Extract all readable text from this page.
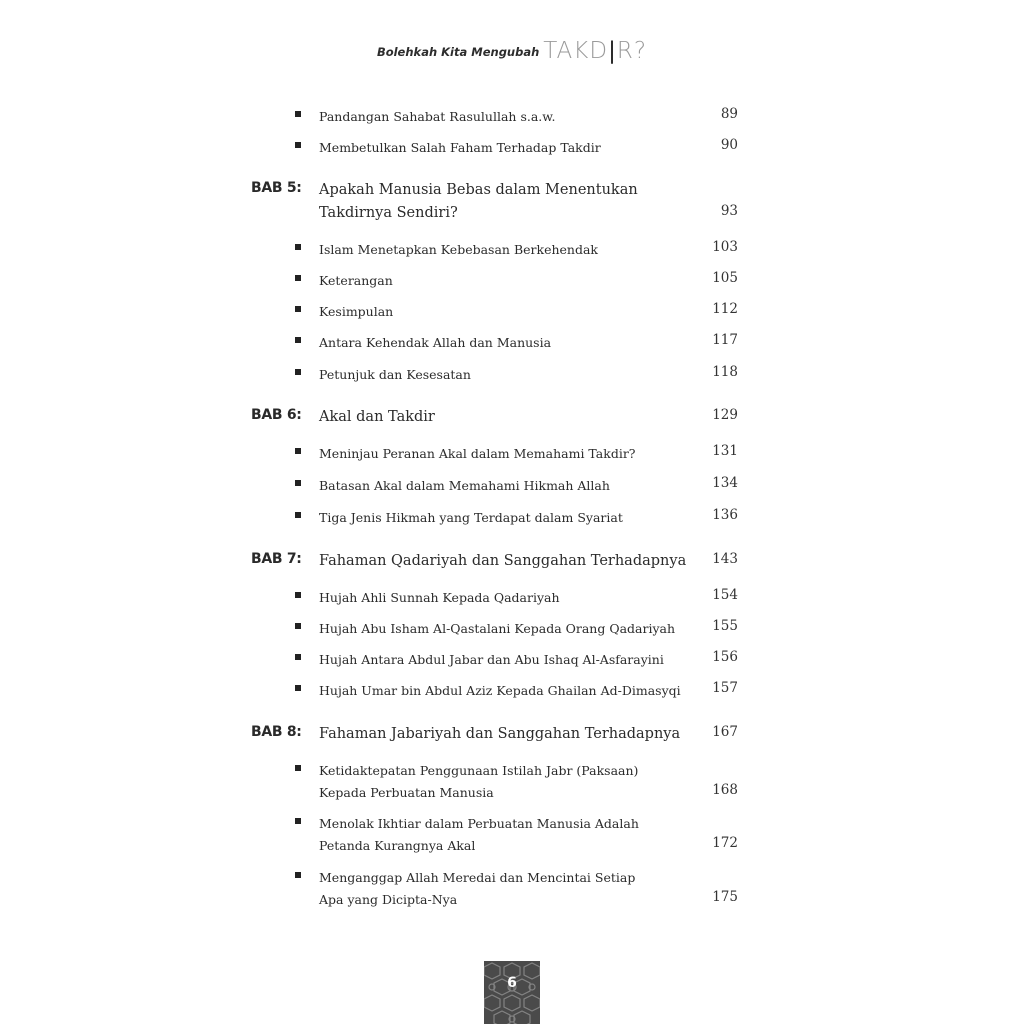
Bolehkah Kita Mengubah TAKD|R?
Pandangan Sahabat Rasulullah s.a.w.	89
Membetulkan Salah Faham Terhadap Takdir	90
BAB 5: Apakah Manusia Bebas dalam Menentukan
Takdirnya Sendiri?	93
Islam Menetapkan Kebebasan Berkehendak	103
Keterangan	105
Kesimpulan	112
Antara Kehendak Allah dan Manusia	117
Petunjuk dan Kesesatan	118
BAB 6: Akal dan Takdir	129
Meninjau Peranan Akal dalam Memahami Takdir?	131
Batasan Akal dalam Memahami Hikmah Allah	134
Tiga Jenis Hikmah yang Terdapat dalam Syariat	136
BAB 7: Fahaman Qadariyah dan Sanggahan Terhadapnya	143
Hujah Ahli Sunnah Kepada Qadariyah	154
Hujah Abu Isham Al-Qastalani Kepada Orang Qadariyah	155
Hujah Antara Abdul Jabar dan Abu Ishaq Al-Asfarayini	156
Hujah Umar bin Abdul Aziz Kepada Ghailan Ad-Dimasyqi	157
BAB 8: Fahaman Jabariyah dan Sanggahan Terhadapnya	167
Ketidaktepatan Penggunaan Istilah Jabr (Paksaan)
Kepada Perbuatan Manusia	168
Menolak Ikhtiar dalam Perbuatan Manusia Adalah
Petanda Kurangnya Akal	172
Menganggap Allah Meredai dan Mencintai Setiap
Apa yang Dicipta-Nya	175
6
